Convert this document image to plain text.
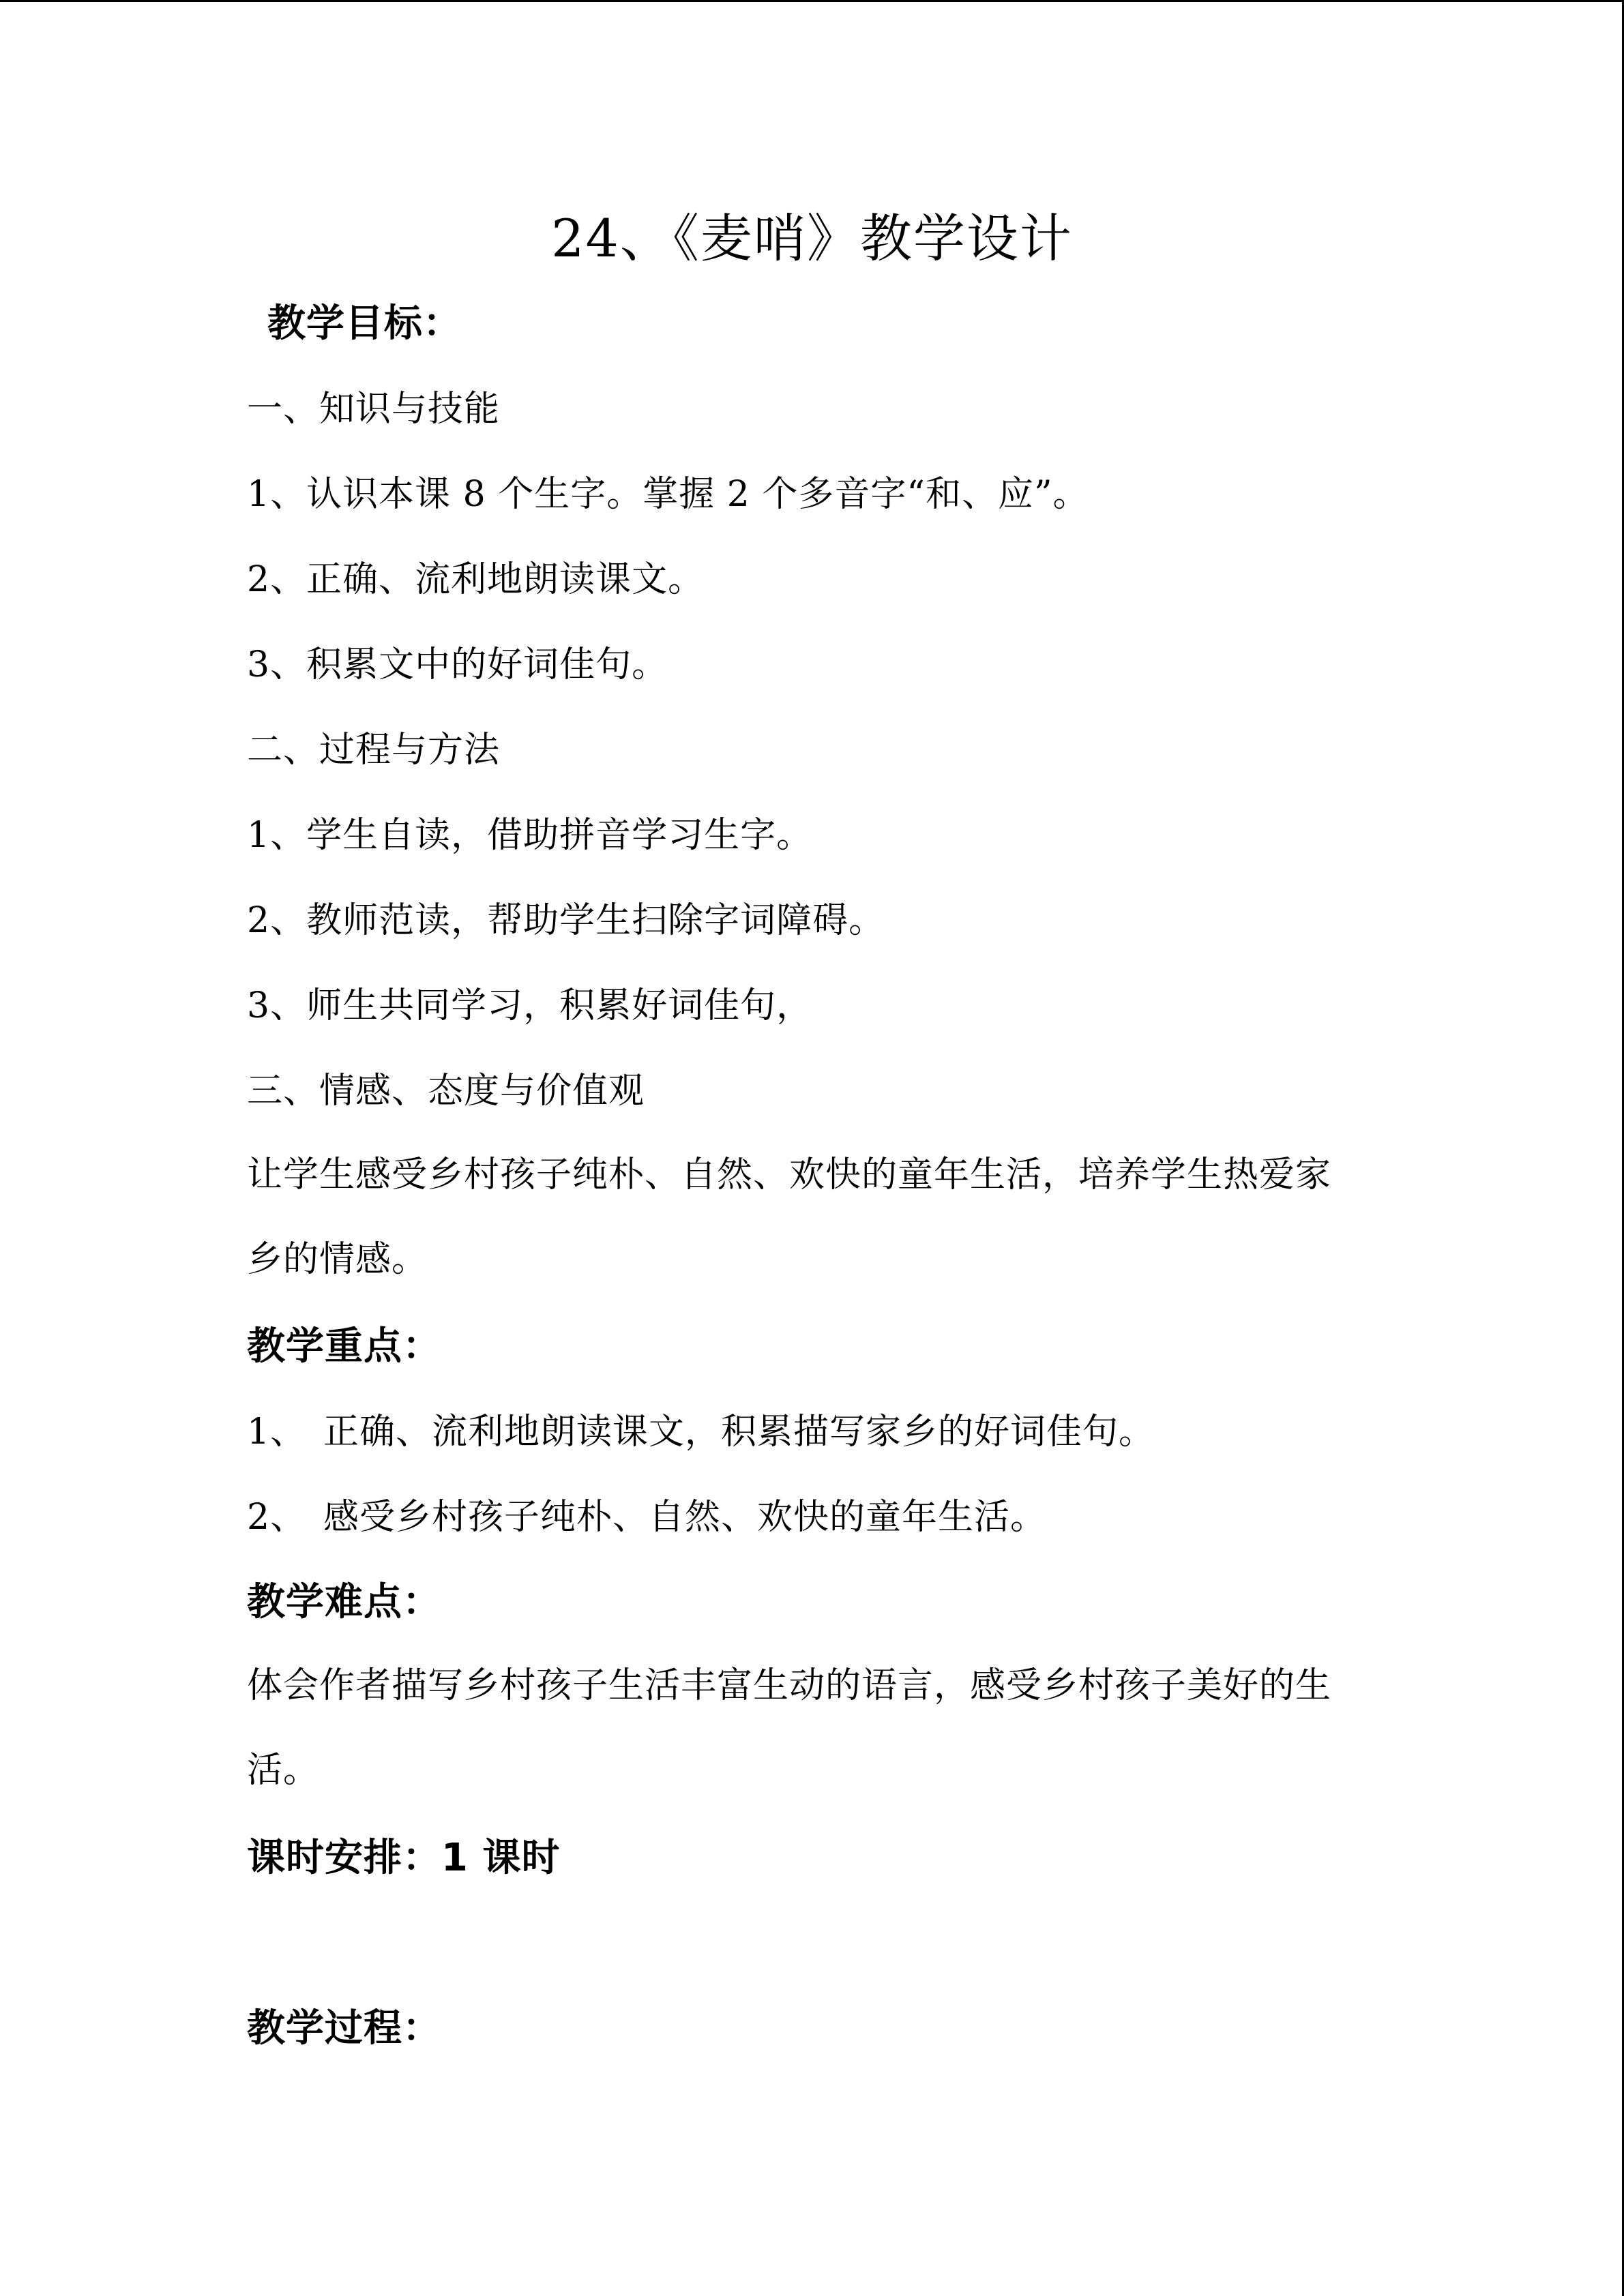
24、《麦哨》教学设计
教学目标：
一、知识与技能
1、认识本课 8 个生字。掌握 2 个多音字“和、应”。
2、正确、流利地朗读课文。
3、积累文中的好词佳句。
二、过程与方法
1、学生自读，借助拼音学习生字。
2、教师范读，帮助学生扫除字词障碍。
3、师生共同学习，积累好词佳句，
三、情感、态度与价值观
让学生感受乡村孩子纯朴、自然、欢快的童年生活，培养学生热爱家乡的情感。
教学重点：
1、 正确、流利地朗读课文，积累描写家乡的好词佳句。
2、 感受乡村孩子纯朴、自然、欢快的童年生活。
教学难点：
体会作者描写乡村孩子生活丰富生动的语言，感受乡村孩子美好的生活。
课时安排：1 课时
教学过程：
